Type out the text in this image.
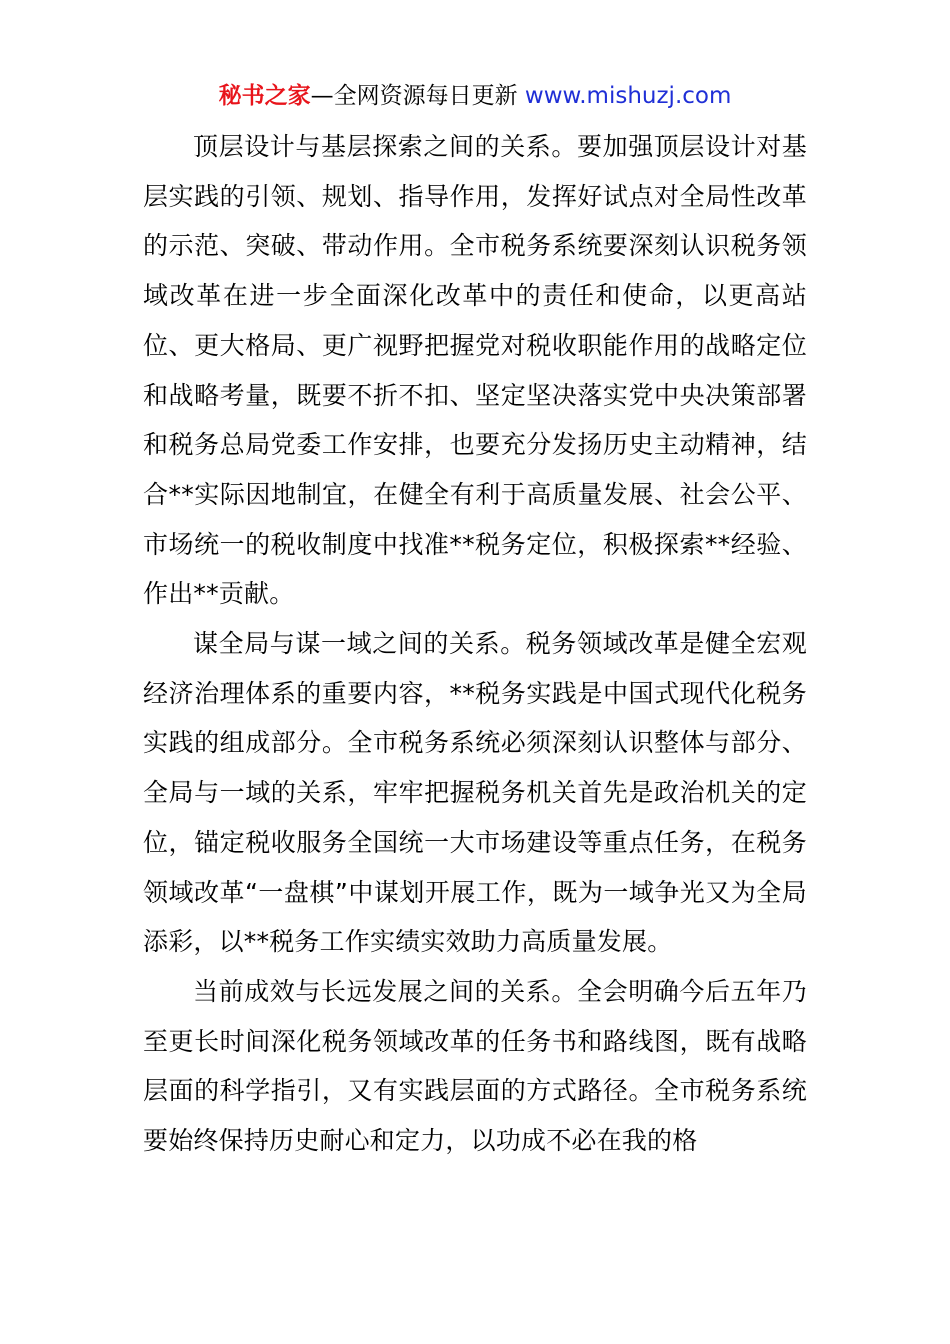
秘书之家—全网资源每日更新 www.mishuzj.com

顶层设计与基层探索之间的关系。要加强顶层设计对基层实践的引领、规划、指导作用，发挥好试点对全局性改革的示范、突破、带动作用。全市税务系统要深刻认识税务领域改革在进一步全面深化改革中的责任和使命，以更高站位、更大格局、更广视野把握党对税收职能作用的战略定位和战略考量，既要不折不扣、坚定坚决落实党中央决策部署和税务总局党委工作安排，也要充分发扬历史主动精神，结合**实际因地制宜，在健全有利于高质量发展、社会公平、市场统一的税收制度中找准**税务定位，积极探索**经验、作出**贡献。

谋全局与谋一域之间的关系。税务领域改革是健全宏观经济治理体系的重要内容，**税务实践是中国式现代化税务实践的组成部分。全市税务系统必须深刻认识整体与部分、全局与一域的关系，牢牢把握税务机关首先是政治机关的定位，锚定税收服务全国统一大市场建设等重点任务，在税务领域改革“一盘棋”中谋划开展工作，既为一域争光又为全局添彩，以**税务工作实绩实效助力高质量发展。

当前成效与长远发展之间的关系。全会明确今后五年乃至更长时间深化税务领域改革的任务书和路线图，既有战略层面的科学指引，又有实践层面的方式路径。全市税务系统要始终保持历史耐心和定力，以功成不必在我的格
